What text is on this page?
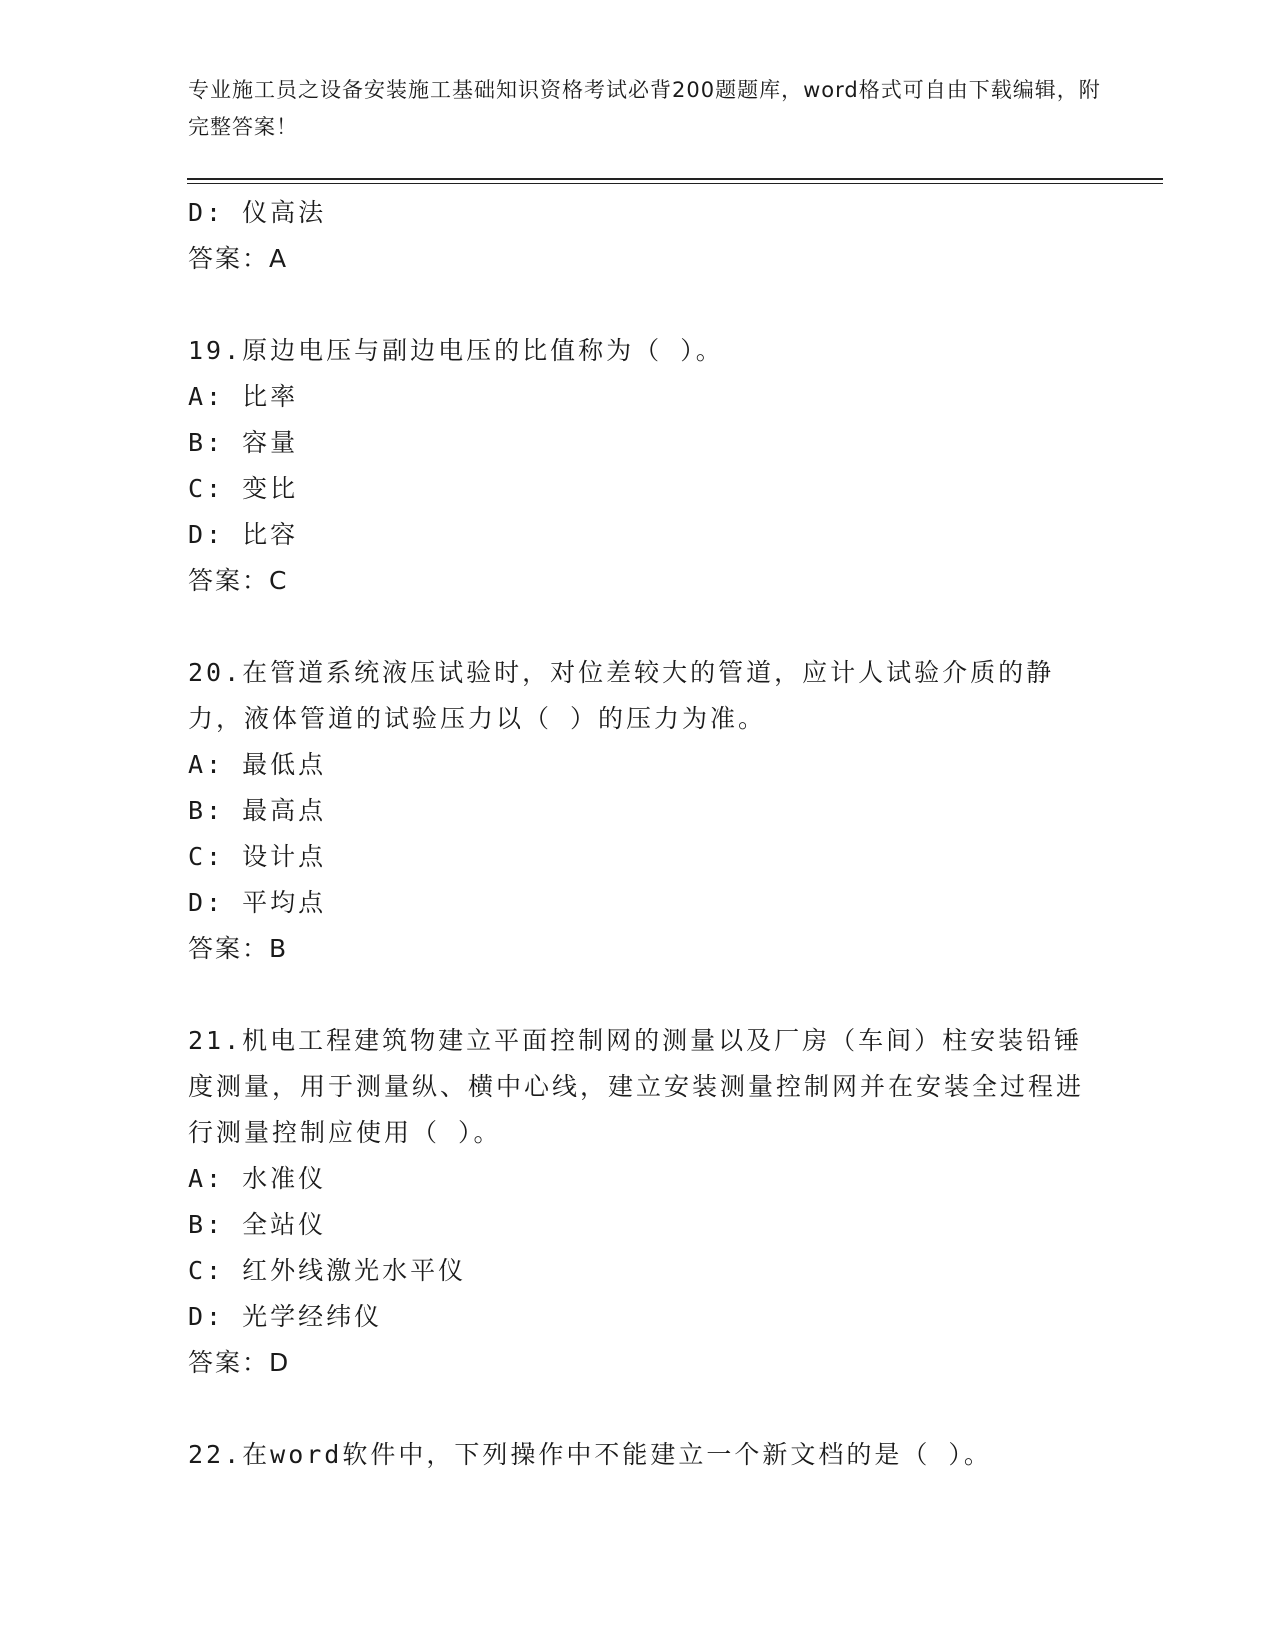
专业施工员之设备安装施工基础知识资格考试必背200题题库，word格式可自由下载编辑，附完整答案！
D: 仪高法
答案：A
19.原边电压与副边电压的比值称为（ ）。
A: 比率
B: 容量
C: 变比
D: 比容
答案：C
20.在管道系统液压试验时，对位差较大的管道，应计人试验介质的静力，液体管道的试验压力以（ ）的压力为准。
A: 最低点
B: 最高点
C: 设计点
D: 平均点
答案：B
21.机电工程建筑物建立平面控制网的测量以及厂房（车间）柱安装铅锤度测量，用于测量纵、横中心线，建立安装测量控制网并在安装全过程进行测量控制应使用（ ）。
A: 水准仪
B: 全站仪
C: 红外线激光水平仪
D: 光学经纬仪
答案：D
22.在word软件中，下列操作中不能建立一个新文档的是（ ）。
